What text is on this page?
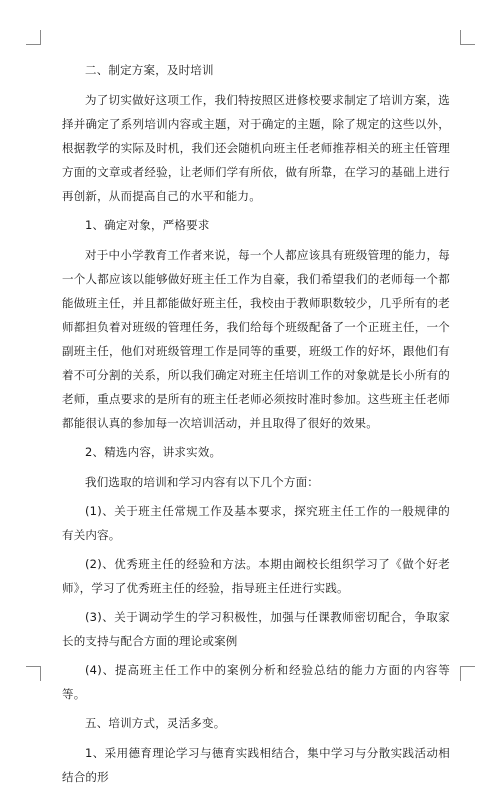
二、制定方案，及时培训

为了切实做好这项工作，我们特按照区进修校要求制定了培训方案，选择并确定了系列培训内容或主题，对于确定的主题，除了规定的这些以外，根据教学的实际及时机，我们还会随机向班主任老师推荐相关的班主任管理方面的文章或者经验，让老师们学有所依，做有所靠，在学习的基础上进行再创新，从而提高自己的水平和能力。

1、确定对象，严格要求

对于中小学教育工作者来说，每一个人都应该具有班级管理的能力，每一个人都应该以能够做好班主任工作为自豪，我们希望我们的老师每一个都能做班主任，并且都能做好班主任，我校由于教师职数较少，几乎所有的老师都担负着对班级的管理任务，我们给每个班级配备了一个正班主任，一个副班主任，他们对班级管理工作是同等的重要，班级工作的好坏，跟他们有着不可分割的关系，所以我们确定对班主任培训工作的对象就是长小所有的老师，重点要求的是所有的班主任老师必须按时准时参加。这些班主任老师都能很认真的参加每一次培训活动，并且取得了很好的效果。

2、精选内容，讲求实效。

我们选取的培训和学习内容有以下几个方面：

(1)、关于班主任常规工作及基本要求，探究班主任工作的一般规律的有关内容。

(2)、优秀班主任的经验和方法。本期由阚校长组织学习了《做个好老师》，学习了优秀班主任的经验，指导班主任进行实践。

(3)、关于调动学生的学习积极性，加强与任课教师密切配合，争取家长的支持与配合方面的理论或案例

(4)、提高班主任工作中的案例分析和经验总结的能力方面的内容等等。

五、培训方式，灵活多变。

1、采用德育理论学习与德育实践相结合，集中学习与分散实践活动相结合的形
